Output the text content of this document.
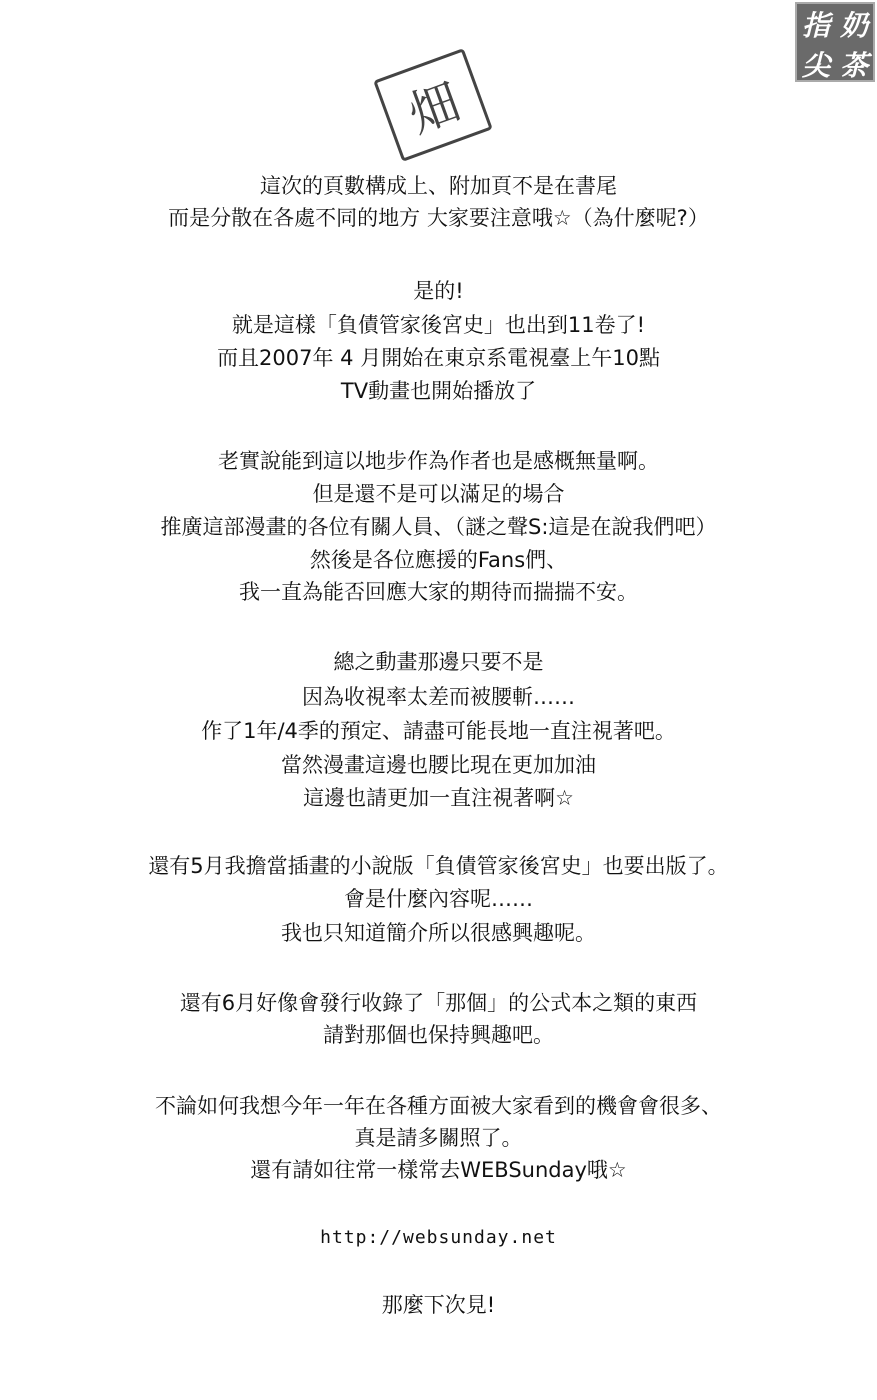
指 奶
尖 茶
畑
這次的頁數構成上、附加頁不是在書尾
而是分散在各處不同的地方 大家要注意哦☆（為什麼呢?）
是的!
就是這樣「負債管家後宮史」也出到11卷了!
而且2007年 4 月開始在東京系電視臺上午10點
TV動畫也開始播放了
老實說能到這以地步作為作者也是感概無量啊。
但是還不是可以滿足的場合
推廣這部漫畫的各位有關人員、（謎之聲S:這是在說我們吧）
然後是各位應援的Fans們、
我一直為能否回應大家的期待而揣揣不安。
總之動畫那邊只要不是
因為收視率太差而被腰斬……
作了1年/4季的預定、請盡可能長地一直注視著吧。
當然漫畫這邊也腰比現在更加加油
這邊也請更加一直注視著啊☆
還有5月我擔當插畫的小說版「負債管家後宮史」也要出版了。
會是什麼內容呢……
我也只知道簡介所以很感興趣呢。
還有6月好像會發行收錄了「那個」的公式本之類的東西
請對那個也保持興趣吧。
不論如何我想今年一年在各種方面被大家看到的機會會很多、
真是請多關照了。
還有請如往常一樣常去WEBSunday哦☆
http://websunday.net
那麼下次見!
